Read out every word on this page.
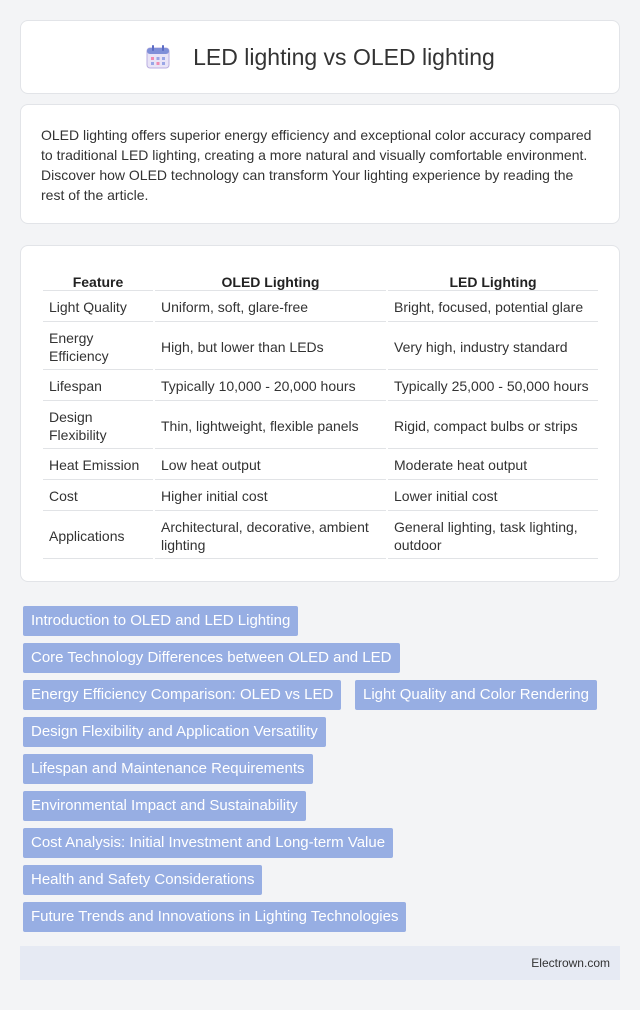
LED lighting vs OLED lighting

OLED lighting offers superior energy efficiency and exceptional color accuracy compared to traditional LED lighting, creating a more natural and visually comfortable environment. Discover how OLED technology can transform Your lighting experience by reading the rest of the article.

Feature	OLED Lighting	LED Lighting
Light Quality	Uniform, soft, glare-free	Bright, focused, potential glare
Energy Efficiency	High, but lower than LEDs	Very high, industry standard
Lifespan	Typically 10,000 - 20,000 hours	Typically 25,000 - 50,000 hours
Design Flexibility	Thin, lightweight, flexible panels	Rigid, compact bulbs or strips
Heat Emission	Low heat output	Moderate heat output
Cost	Higher initial cost	Lower initial cost
Applications	Architectural, decorative, ambient lighting	General lighting, task lighting, outdoor
Introduction to OLED and LED Lighting
Core Technology Differences between OLED and LED
Energy Efficiency Comparison: OLED vs LED	Light Quality and Color Rendering
Design Flexibility and Application Versatility
Lifespan and Maintenance Requirements
Environmental Impact and Sustainability
Cost Analysis: Initial Investment and Long-term Value
Health and Safety Considerations
Future Trends and Innovations in Lighting Technologies
Electrown.com
